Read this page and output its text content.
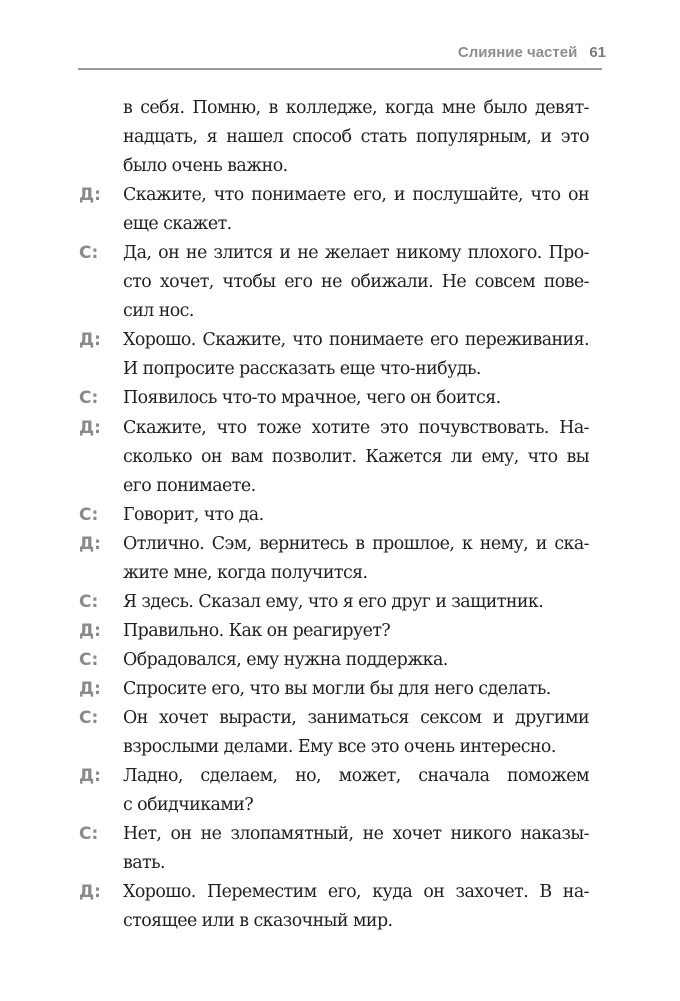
Слияние частей 61
в себя. Помню, в колледже, когда мне было девят-
надцать, я нашел способ стать популярным, и это
было очень важно.
Д:	Скажите, что понимаете его, и послушайте, что он
еще скажет.
С:	Да, он не злится и не желает никому плохого. Про-
сто хочет, чтобы его не обижали. Не совсем пове-
сил нос.
Д:	Хорошо. Скажите, что понимаете его переживания.
И попросите рассказать еще что-нибудь.
С:	Появилось что-то мрачное, чего он боится.
Д:	Скажите, что тоже хотите это почувствовать. На-
сколько он вам позволит. Кажется ли ему, что вы
его понимаете.
С:	Говорит, что да.
Д:	Отлично. Сэм, вернитесь в прошлое, к нему, и ска-
жите мне, когда получится.
С:	Я здесь. Сказал ему, что я его друг и защитник.
Д:	Правильно. Как он реагирует?
С:	Обрадовался, ему нужна поддержка.
Д:	Спросите его, что вы могли бы для него сделать.
С:	Он хочет вырасти, заниматься сексом и другими
взрослыми делами. Ему все это очень интересно.
Д:	Ладно, сделаем, но, может, сначала поможем
с обидчиками?
С:	Нет, он не злопамятный, не хочет никого наказы-
вать.
Д:	Хорошо. Переместим его, куда он захочет. В на-
стоящее или в сказочный мир.
